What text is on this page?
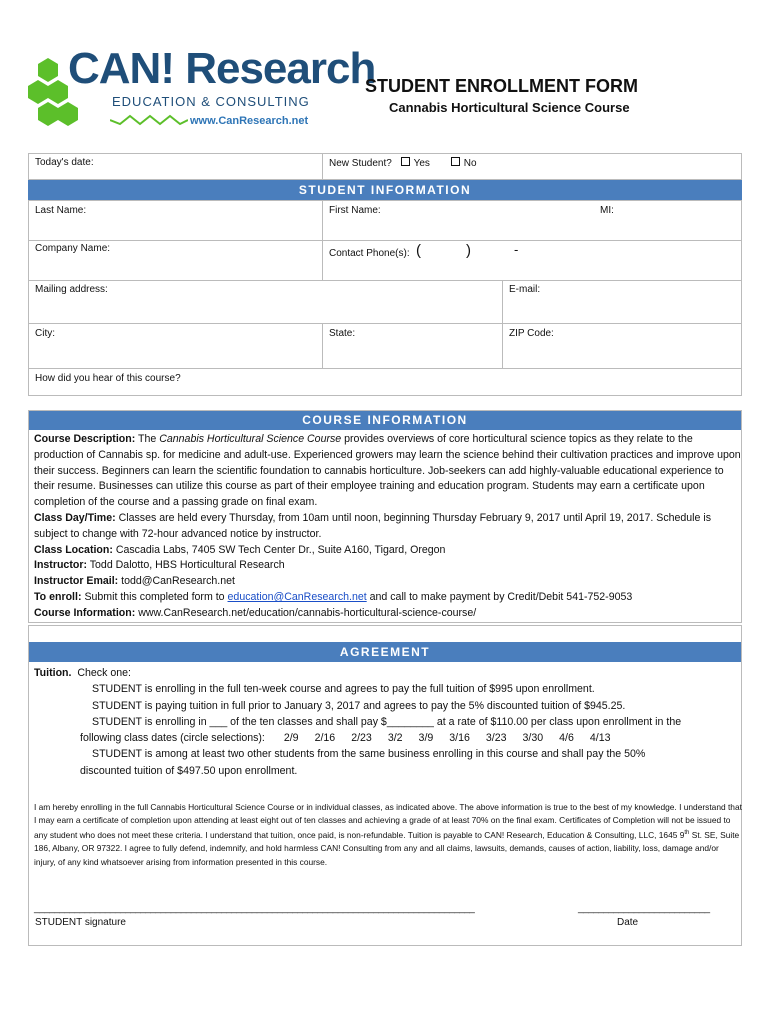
CAN! Research
EDUCATION & CONSULTING
www.CanResearch.net
STUDENT ENROLLMENT FORM
Cannabis Horticultural Science Course
Today's date:	New Student? Yes	No
STUDENT INFORMATION
Last Name:	First Name:	MI:
Company Name:	Contact Phone(s): (	)	-
Mailing address:	E-mail:
City:	State:	ZIP Code:
How did you hear of this course?
COURSE INFORMATION

Course Description: The Cannabis Horticultural Science Course provides overviews of core horticultural science topics as they relate to the production of Cannabis sp. for medicine and adult-use. Experienced growers may learn the science behind their cultivation practices and improve upon their success. Beginners can learn the scientific foundation to cannabis horticulture. Job-seekers can add highly-valuable educational experience to their resume. Businesses can utilize this course as part of their employee training and education program. Students may earn a certificate upon completion of the course and a passing grade on final exam.

Class Day/Time: Classes are held every Thursday, from 10am until noon, beginning Thursday February 9, 2017 until April 19, 2017. Schedule is subject to change with 72-hour advanced notice by instructor.

Class Location: Cascadia Labs, 7405 SW Tech Center Dr., Suite A160, Tigard, Oregon

Instructor: Todd Dalotto, HBS Horticultural Research

Instructor Email: todd@CanResearch.net

To enroll: Submit this completed form to education@CanResearch.net and call to make payment by Credit/Debit 541-752-9053

Course Information: www.CanResearch.net/education/cannabis-horticultural-science-course/

AGREEMENT
Tuition. Check one:
STUDENT is enrolling in the full ten-week course and agrees to pay the full tuition of $995 upon enrollment.
STUDENT is paying tuition in full prior to January 3, 2017 and agrees to pay the 5% discounted tuition of $945.25.
STUDENT is enrolling in ___ of the ten classes and shall pay $________ at a rate of $110.00 per class upon enrollment in the
following class dates (circle selections): 2/9 2/16 2/23 3/2 3/9 3/16 3/23 3/30 4/6 4/13
STUDENT is among at least two other students from the same business enrolling in this course and shall pay the 50%
discounted tuition of $497.50 upon enrollment.
I am hereby enrolling in the full Cannabis Horticultural Science Course or in individual classes, as indicated above. The above information is true to the best of my knowledge. I understand that I may earn a certificate of completion upon attending at least eight out of ten classes and achieving a grade of at least 70% on the final exam. Certificates of Completion will not be issued to any student who does not meet these criteria. I understand that tuition, once paid, is non-refundable. Tuition is payable to CAN! Research, Education & Consulting, LLC, 1645 9th St. SE, Suite 186, Albany, OR 97322. I agree to fully defend, indemnify, and hold harmless CAN! Consulting from any and all claims, lawsuits, demands, causes of action, liability, loss, damage and/or injury, of any kind whatsoever arising from information presented in this course.
_______________________________________________________________________________________	__________________________
STUDENT signature	Date
